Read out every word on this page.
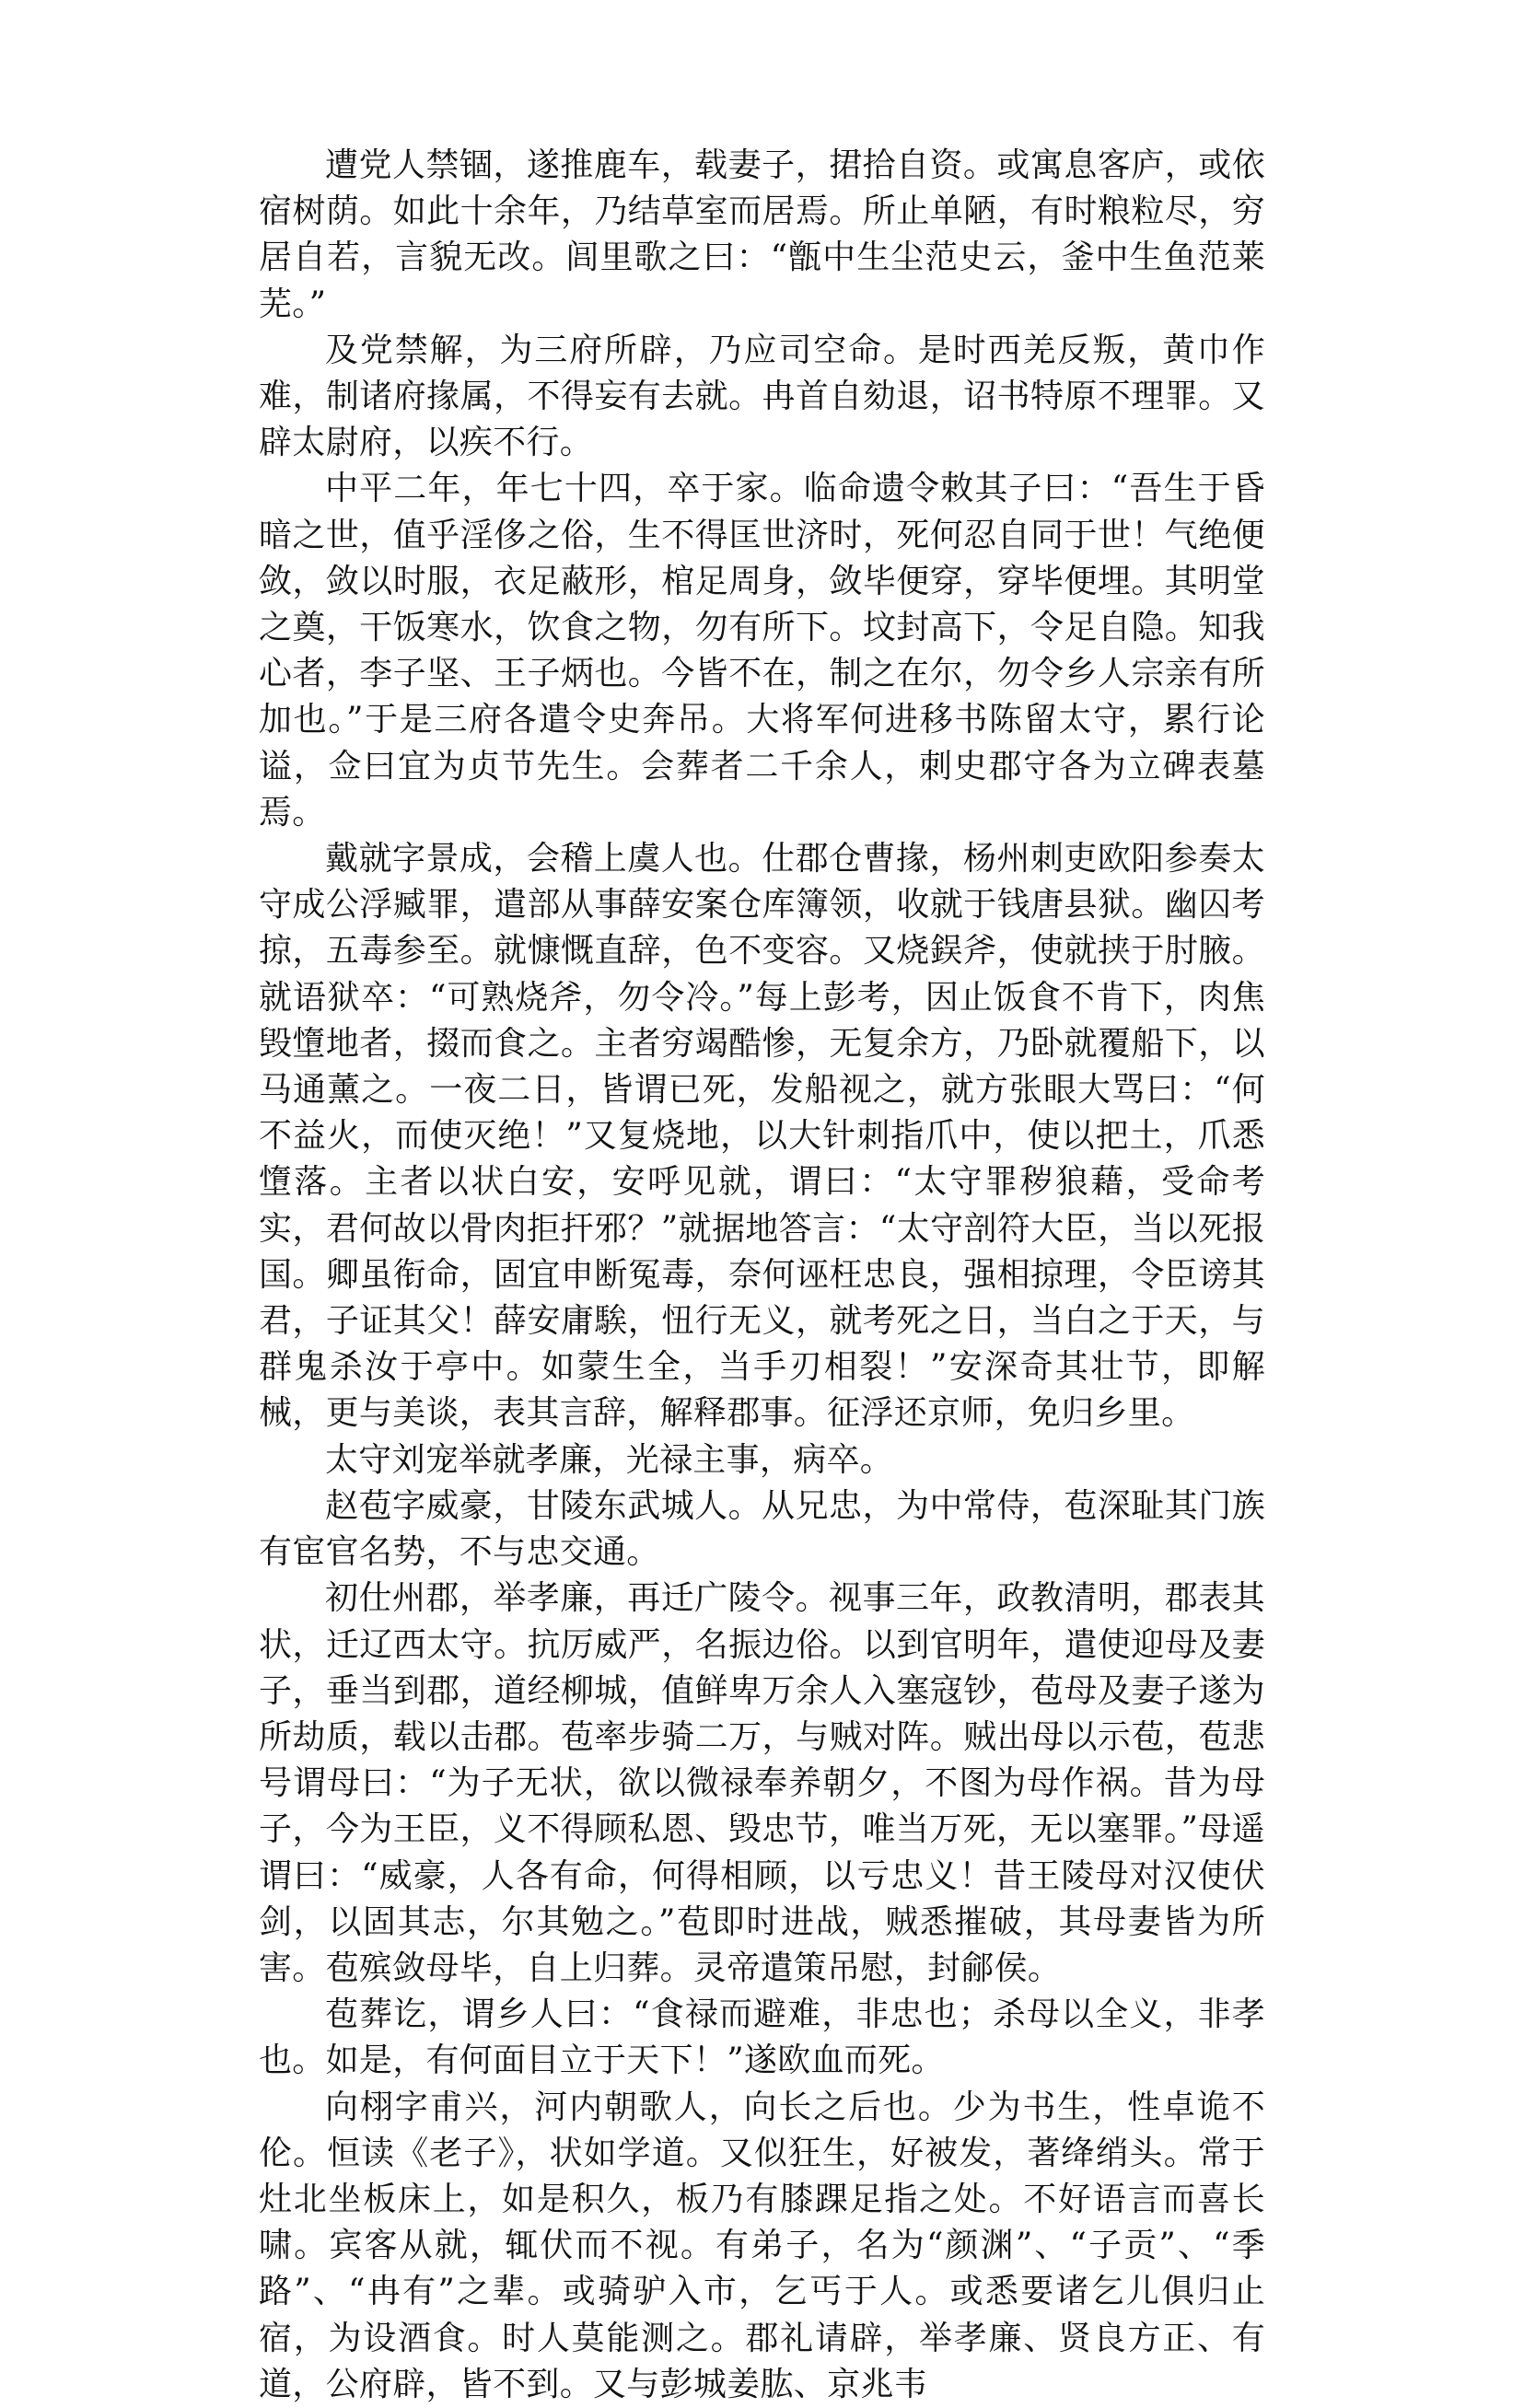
遭党人禁锢，遂推鹿车，载妻子，捃拾自资。或寓息客庐，或依宿树荫。如此十余年，乃结草室而居焉。所止单陋，有时粮粒尽，穷居自若，言貌无改。闾里歌之曰：“甑中生尘范史云，釜中生鱼范莱芜。”

及党禁解，为三府所辟，乃应司空命。是时西羌反叛，黄巾作难，制诸府掾属，不得妄有去就。冉首自劾退，诏书特原不理罪。又辟太尉府，以疾不行。

中平二年，年七十四，卒于家。临命遗令敕其子曰：“吾生于昏暗之世，值乎淫侈之俗，生不得匡世济时，死何忍自同于世！气绝便敛，敛以时服，衣足蔽形，棺足周身，敛毕便穿，穿毕便埋。其明堂之奠，干饭寒水，饮食之物，勿有所下。坟封高下，令足自隐。知我心者，李子坚、王子炳也。今皆不在，制之在尔，勿令乡人宗亲有所加也。”于是三府各遣令史奔吊。大将军何进移书陈留太守，累行论谥，佥曰宜为贞节先生。会葬者二千余人，刺史郡守各为立碑表墓焉。

戴就字景成，会稽上虞人也。仕郡仓曹掾，杨州刺吏欧阳参奏太守成公浮臧罪，遣部从事薛安案仓库簿领，收就于钱唐县狱。幽囚考掠，五毒参至。就慷慨直辞，色不变容。又烧鋘斧，使就挟于肘腋。就语狱卒：“可熟烧斧，勿令冷。”每上彭考，因止饭食不肯下，肉焦毁墯地者，掇而食之。主者穷竭酷惨，无复余方，乃卧就覆船下，以马通薰之。一夜二日，皆谓已死，发船视之，就方张眼大骂曰：“何不益火，而使灭绝！”又复烧地，以大针刺指爪中，使以把土，爪悉墯落。主者以状白安，安呼见就，谓曰：“太守罪秽狼藉，受命考实，君何故以骨肉拒扞邪？”就据地答言：“太守剖符大臣，当以死报国。卿虽衔命，固宜申断冤毒，奈何诬枉忠良，强相掠理，令臣谤其君，子证其父！薛安庸騃，忸行无义，就考死之日，当白之于天，与群鬼杀汝于亭中。如蒙生全，当手刃相裂！”安深奇其壮节，即解械，更与美谈，表其言辞，解释郡事。征浮还京师，免归乡里。

太守刘宠举就孝廉，光禄主事，病卒。

赵苞字威豪，甘陵东武城人。从兄忠，为中常侍，苞深耻其门族有宦官名势，不与忠交通。

初仕州郡，举孝廉，再迁广陵令。视事三年，政教清明，郡表其状，迁辽西太守。抗厉威严，名振边俗。以到官明年，遣使迎母及妻子，垂当到郡，道经柳城，值鲜卑万余人入塞寇钞，苞母及妻子遂为所劫质，载以击郡。苞率步骑二万，与贼对阵。贼出母以示苞，苞悲号谓母曰：“为子无状，欲以微禄奉养朝夕，不图为母作祸。昔为母子，今为王臣，义不得顾私恩、毁忠节，唯当万死，无以塞罪。”母遥谓曰：“威豪，人各有命，何得相顾，以亏忠义！昔王陵母对汉使伏剑，以固其志，尔其勉之。”苞即时进战，贼悉摧破，其母妻皆为所害。苞殡敛母毕，自上归葬。灵帝遣策吊慰，封鄃侯。

苞葬讫，谓乡人曰：“食禄而避难，非忠也；杀母以全义，非孝也。如是，有何面目立于天下！”遂欧血而死。

向栩字甫兴，河内朝歌人，向长之后也。少为书生，性卓诡不伦。恒读《老子》，状如学道。又似狂生，好被发，著绛绡头。常于灶北坐板床上，如是积久，板乃有膝踝足指之处。不好语言而喜长啸。宾客从就，辄伏而不视。有弟子，名为“颜渊”、“子贡”、“季路”、“冉有”之辈。或骑驴入市，乞丐于人。或悉要诸乞儿俱归止宿，为设酒食。时人莫能测之。郡礼请辟，举孝廉、贤良方正、有道，公府辟，皆不到。又与彭城姜肱、京兆韦
